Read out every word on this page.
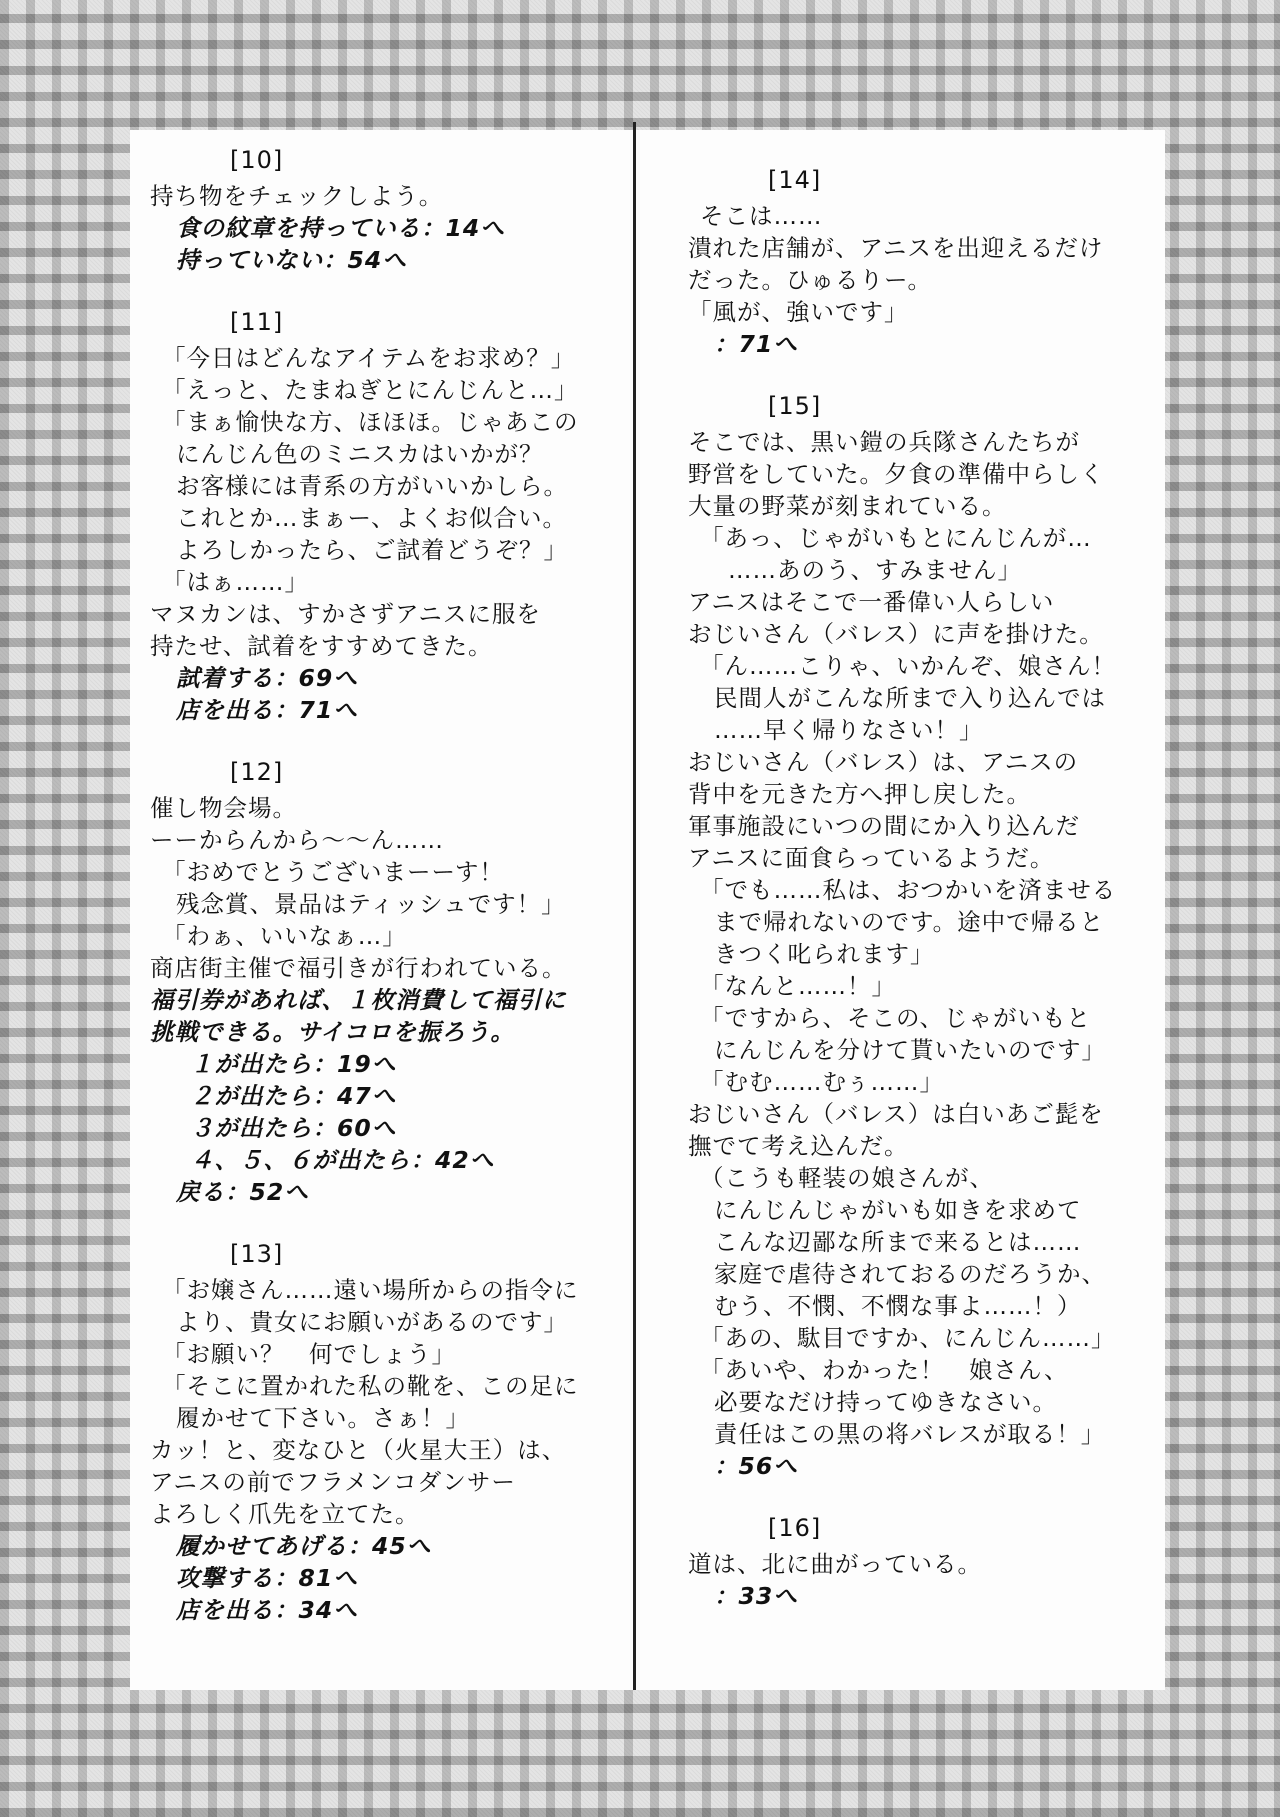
[10]
持ち物をチェックしよう。
食の紋章を持っている：14へ
持っていない：54へ
[11]
「今日はどんなアイテムをお求め？」
「えっと、たまねぎとにんじんと…」
「まぁ愉快な方、ほほほ。じゃあこの
にんじん色のミニスカはいかが？
お客様には青系の方がいいかしら。
これとか…まぁー、よくお似合い。
よろしかったら、ご試着どうぞ？」
「はぁ……」
マヌカンは、すかさずアニスに服を
持たせ、試着をすすめてきた。
試着する：69へ
店を出る：71へ
[12]
催し物会場。
ーーからんから～～ん……
「おめでとうございまーーす！
残念賞、景品はティッシュです！」
「わぁ、いいなぁ…」
商店街主催で福引きが行われている。
福引券があれば、１枚消費して福引に
挑戦できる。サイコロを振ろう。
１が出たら：19へ
２が出たら：47へ
３が出たら：60へ
４、５、６が出たら：42へ
戻る：52へ
[13]
「お嬢さん……遠い場所からの指令に
より、貴女にお願いがあるのです」
「お願い？　何でしょう」
「そこに置かれた私の靴を、この足に
履かせて下さい。さぁ！」
カッ！と、変なひと（火星大王）は、
アニスの前でフラメンコダンサー
よろしく爪先を立てた。
履かせてあげる：45へ
攻撃する：81へ
店を出る：34へ
[14]
そこは……
潰れた店舗が、アニスを出迎えるだけ
だった。ひゅるりー。
「風が、強いです」
：71へ
[15]
そこでは、黒い鎧の兵隊さんたちが
野営をしていた。夕食の準備中らしく
大量の野菜が刻まれている。
「あっ、じゃがいもとにんじんが…
……あのう、すみません」
アニスはそこで一番偉い人らしい
おじいさん（バレス）に声を掛けた。
「ん……こりゃ、いかんぞ、娘さん！
民間人がこんな所まで入り込んでは
……早く帰りなさい！」
おじいさん（バレス）は、アニスの
背中を元きた方へ押し戻した。
軍事施設にいつの間にか入り込んだ
アニスに面食らっているようだ。
「でも……私は、おつかいを済ませる
まで帰れないのです。途中で帰ると
きつく叱られます」
「なんと……！」
「ですから、そこの、じゃがいもと
にんじんを分けて貰いたいのです」
「むむ……むぅ……」
おじいさん（バレス）は白いあご髭を
撫でて考え込んだ。
（こうも軽装の娘さんが、
にんじんじゃがいも如きを求めて
こんな辺鄙な所まで来るとは……
家庭で虐待されておるのだろうか、
むう、不憫、不憫な事よ……！）
「あの、駄目ですか、にんじん……」
「あいや、わかった！　娘さん、
必要なだけ持ってゆきなさい。
責任はこの黒の将バレスが取る！」
：56へ
[16]
道は、北に曲がっている。
：33へ
